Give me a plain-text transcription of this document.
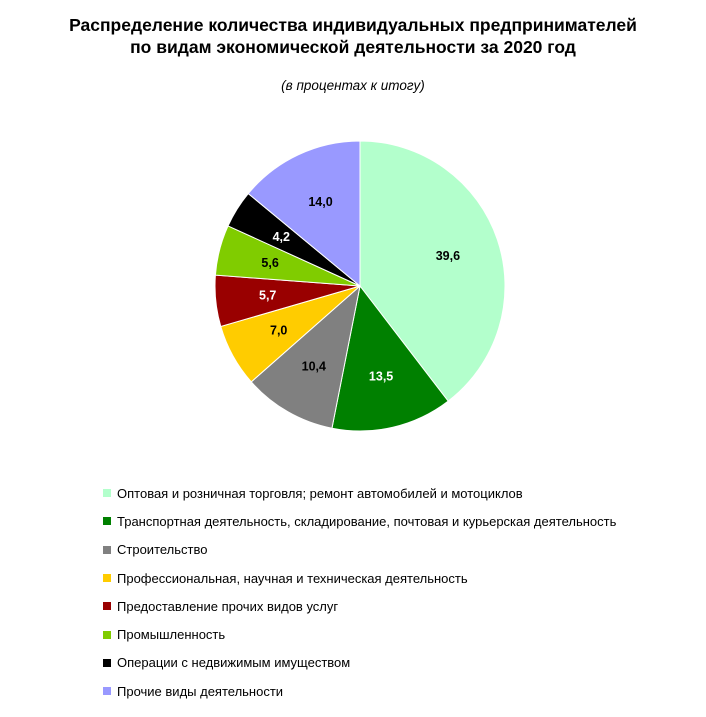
Распределение количества индивидуальных предпринимателей
по видам экономической деятельности за 2020 год
(в процентах к итогу)
39,6
13,5
10,4
7,0
5,7
5,6
4,2
14,0
Оптовая и розничная торговля; ремонт автомобилей и мотоциклов
Транспортная деятельность, складирование, почтовая и курьерская деятельность
Строительство
Профессиональная, научная и техническая деятельность
Предоставление прочих видов услуг
Промышленность
Операции с недвижимым имуществом
Прочие виды деятельности
